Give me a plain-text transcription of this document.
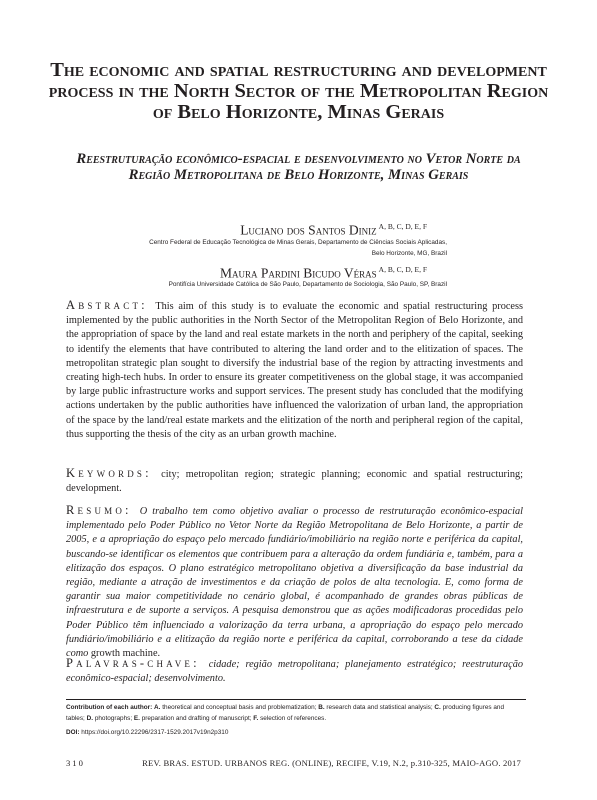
The economic and spatial restructuring and development process in the North Sector of the Metropolitan Region of Belo Horizonte, Minas Gerais
Reestruturação econômico-espacial e desenvolvimento no Vetor Norte da Região Metropolitana de Belo Horizonte, Minas Gerais
Luciano dos Santos Diniz $^{A, B, C, D, E, F}$
Centro Federal de Educação Tecnológica de Minas Gerais, Departamento de Ciências Sociais Aplicadas,
Belo Horizonte, MG, Brazil
Maura Pardini Bicudo Véras $^{A, B, C, D, E, F}$
Pontifícia Universidade Católica de São Paulo, Departamento de Sociologia, São Paulo, SP, Brazil
Abstract: This aim of this study is to evaluate the economic and spatial restructuring process implemented by the public authorities in the North Sector of the Metropolitan Region of Belo Horizonte, and the appropriation of space by the land and real estate markets in the north and periphery of the capital, seeking to identify the elements that have contributed to altering the land order and to the elitization of spaces. The metropolitan strategic plan sought to diversify the industrial base of the region by attracting investments and creating high-tech hubs. In order to ensure its greater competitiveness on the global stage, it was accompanied by large public infrastructure works and support services. The present study has concluded that the modifying actions undertaken by the public authorities have influenced the valorization of urban land, the appropriation of the space by the land/real estate markets and the elitization of the north and peripheral region of the capital, thus supporting the thesis of the city as an urban growth machine.
Keywords: city; metropolitan region; strategic planning; economic and spatial restructuring; development.
Resumo: O trabalho tem como objetivo avaliar o processo de restruturação econômico-espacial implementado pelo Poder Público no Vetor Norte da Região Metropolitana de Belo Horizonte, a partir de 2005, e a apropriação do espaço pelo mercado fundiário/imobiliário na região norte e periférica da capital, buscando-se identificar os elementos que contribuem para a alteração da ordem fundiária e, também, para a elitização dos espaços. O plano estratégico metropolitano objetiva a diversificação da base industrial da região, mediante a atração de investimentos e da criação de polos de alta tecnologia. E, como forma de garantir sua maior competitividade no cenário global, é acompanhado de grandes obras públicas de infraestrutura e de suporte a serviços. A pesquisa demonstrou que as ações modificadoras procedidas pelo Poder Público têm influenciado a valorização da terra urbana, a apropriação do espaço pelo mercado fundiário/imobiliário e a elitização da região norte e periférica da capital, corroborando a tese da cidade como growth machine.
Palavras-chave: cidade; região metropolitana; planejamento estratégico; reestruturação econômico-espacial; desenvolvimento.
Contribution of each author: A. theoretical and conceptual basis and problematization; B. research data and statistical analysis; C. producing figures and tables; D. photographs; E. preparation and drafting of manuscript; F. selection of references.
DOI: https://doi.org/10.22296/2317-1529.2017v19n2p310
310	REV. BRAS. ESTUD. URBANOS REG. (ONLINE), RECIFE, V.19, N.2, p.310-325, MAIO-AGO. 2017
